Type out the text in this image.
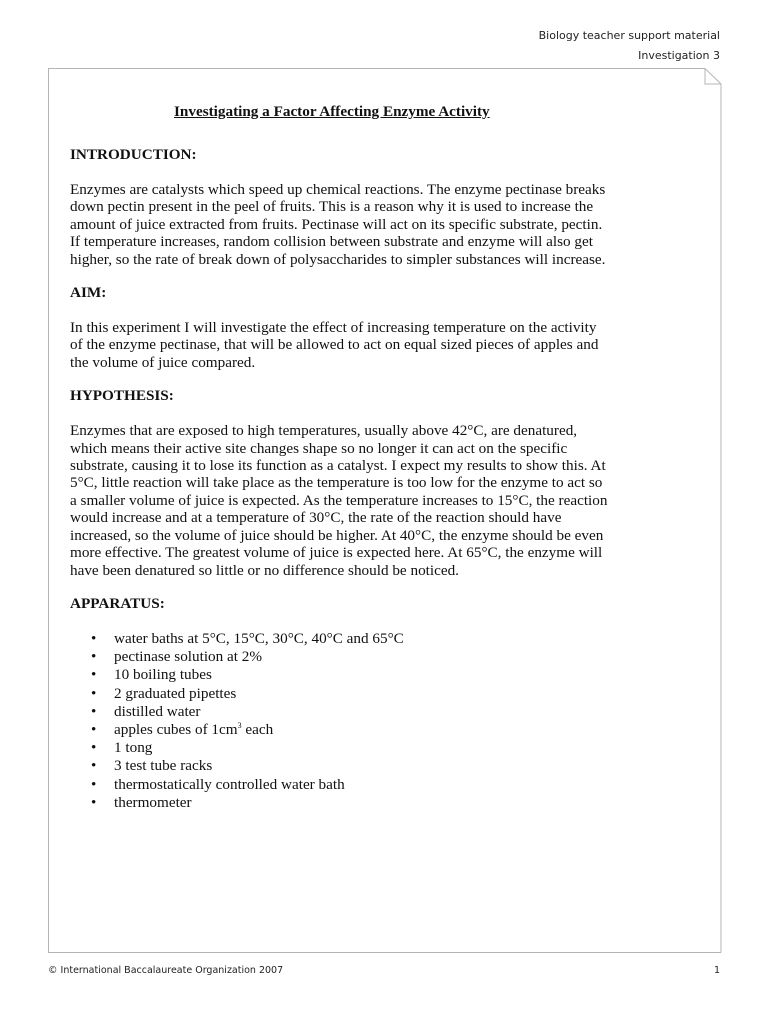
Biology teacher support material
Investigation 3
Investigating a Factor Affecting Enzyme Activity
INTRODUCTION:

Enzymes are catalysts which speed up chemical reactions. The enzyme pectinase breaks down pectin present in the peel of fruits. This is a reason why it is used to increase the amount of juice extracted from fruits. Pectinase will act on its specific substrate, pectin. If temperature increases, random collision between substrate and enzyme will also get higher, so the rate of break down of polysaccharides to simpler substances will increase.

AIM:

In this experiment I will investigate the effect of increasing temperature on the activity of the enzyme pectinase, that will be allowed to act on equal sized pieces of apples and the volume of juice compared.

HYPOTHESIS:

Enzymes that are exposed to high temperatures, usually above 42°C, are denatured, which means their active site changes shape so no longer it can act on the specific substrate, causing it to lose its function as a catalyst. I expect my results to show this. At 5°C, little reaction will take place as the temperature is too low for the enzyme to act so a smaller volume of juice is expected. As the temperature increases to 15°C, the reaction would increase and at a temperature of 30°C, the rate of the reaction should have increased, so the volume of juice should be higher. At 40°C, the enzyme should be even more effective. The greatest volume of juice is expected here. At 65°C, the enzyme will have been denatured so little or no difference should be noticed.

APPARATUS:
• water baths at 5°C, 15°C, 30°C, 40°C and 65°C
• pectinase solution at 2%
• 10 boiling tubes
• 2 graduated pipettes
• distilled water
• apples cubes of $1cm^3$ each
• 1 tong
• 3 test tube racks
• thermostatically controlled water bath
• thermometer
© International Baccalaureate Organization 2007	1
